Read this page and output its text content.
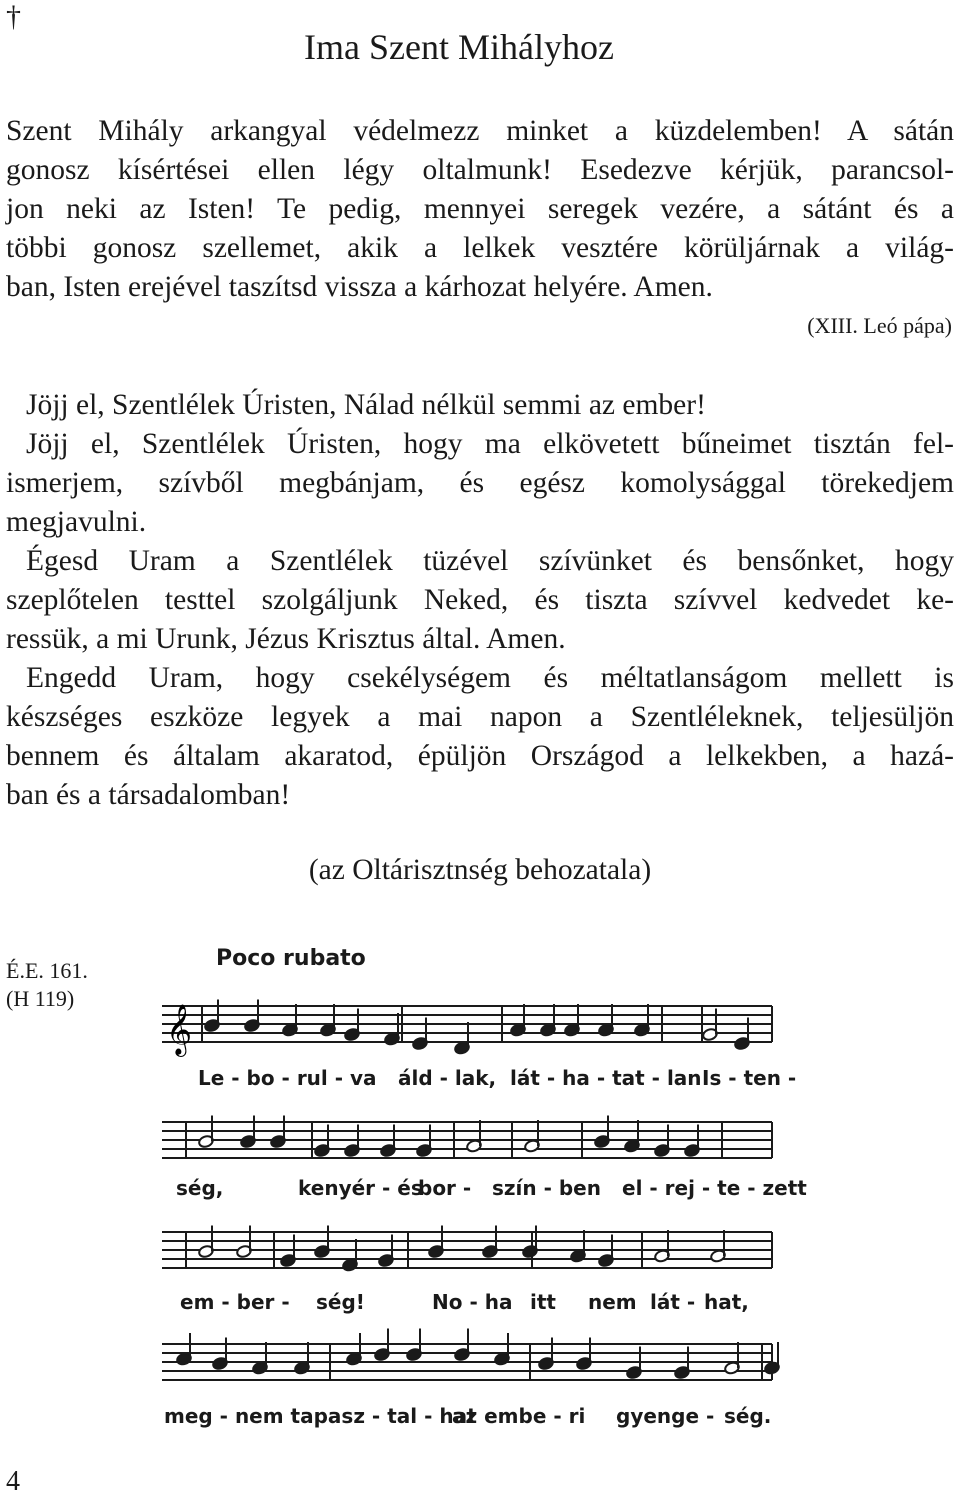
†
Ima Szent Mihályhoz
Szent Mihály arkangyal védelmezz minket a küzdelemben! A sátán
gonosz kísértései ellen légy oltalmunk! Esedezve kérjük, parancsol-
jon neki az Isten! Te pedig, mennyei seregek vezére, a sátánt és a
többi gonosz szellemet, akik a lelkek vesztére körüljárnak a világ-
ban, Isten erejével taszítsd vissza a kárhozat helyére. Amen.
(XIII. Leó pápa)
Jöjj el, Szentlélek Úristen, Nálad nélkül semmi az ember!
Jöjj el, Szentlélek Úristen, hogy ma elkövetett bűneimet tisztán fel-
ismerjem, szívből megbánjam, és egész komolysággal törekedjem
megjavulni.
Égesd Uram a Szentlélek tüzével szívünket és bensőnket, hogy
szeplőtelen testtel szolgáljunk Neked, és tiszta szívvel kedvedet ke-
ressük, a mi Urunk, Jézus Krisztus által. Amen.
Engedd Uram, hogy csekélységem és méltatlanságom mellett is
készséges eszköze legyek a mai napon a Szentléleknek, teljesüljön
bennem és általam akaratod, épüljön Országod a lelkekben, a hazá-
ban és a társadalomban!
(az Oltárisztnség behozatala)
É.E. 161.
(H 119)
Poco rubato
𝄞
Le - bo - rul - va áld - lak, lát - ha - tat - lan Is - ten -
ség,	kenyér - és
bor - szín - ben el - rej - te - zett
em - ber - ség!	No - ha itt nem lát - hat,
meg - nem tapasz - tal - hat
az embe - ri gyenge - ség.
4
